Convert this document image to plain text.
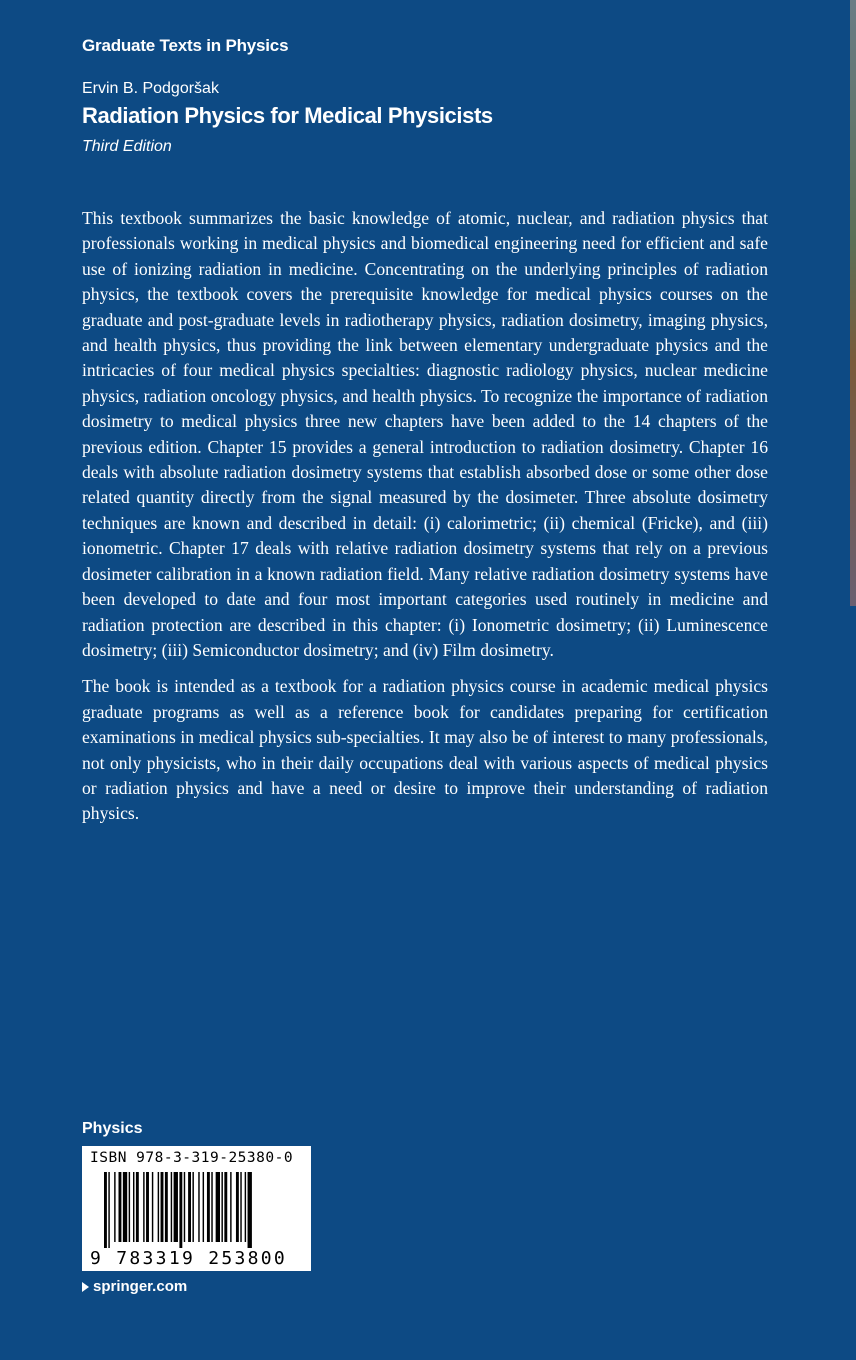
Graduate Texts in Physics
Ervin B. Podgoršak
Radiation Physics for Medical Physicists
Third Edition

This textbook summarizes the basic knowledge of atomic, nuclear, and radiation physics that professionals working in medical physics and biomedical engineering need for efficient and safe use of ionizing radiation in medicine. Concentrating on the underlying principles of radiation physics, the textbook covers the prerequisite knowledge for medical physics courses on the graduate and post-graduate levels in radiotherapy physics, radiation dosimetry, imaging physics, and health physics, thus providing the link between elementary undergraduate physics and the intricacies of four medical physics specialties: diagnostic radiology physics, nuclear medicine physics, radiation oncology physics, and health physics. To recognize the importance of radiation dosimetry to medical physics three new chapters have been added to the 14 chapters of the previous edition. Chapter 15 provides a general introduction to radiation dosimetry. Chapter 16 deals with absolute radiation dosimetry systems that establish absorbed dose or some other dose related quantity directly from the signal measured by the dosimeter. Three absolute dosimetry techniques are known and described in detail: (i) calorimetric; (ii) chemical (Fricke), and (iii) ionometric. Chapter 17 deals with relative radiation dosimetry systems that rely on a previous dosimeter calibration in a known radiation field. Many relative radiation dosimetry systems have been developed to date and four most important categories used routinely in medicine and radiation protection are described in this chapter: (i) Ionometric dosimetry; (ii) Luminescence dosimetry; (iii) Semiconductor dosimetry; and (iv) Film dosimetry.

The book is intended as a textbook for a radiation physics course in academic medical physics graduate programs as well as a reference book for candidates preparing for certification examinations in medical physics sub-specialties. It may also be of interest to many professionals, not only physicists, who in their daily occupations deal with various aspects of medical physics or radiation physics and have a need or desire to improve their understanding of radiation physics.

Physics
ISBN 978-3-319-25380-0
9 783319 253800
springer.com
